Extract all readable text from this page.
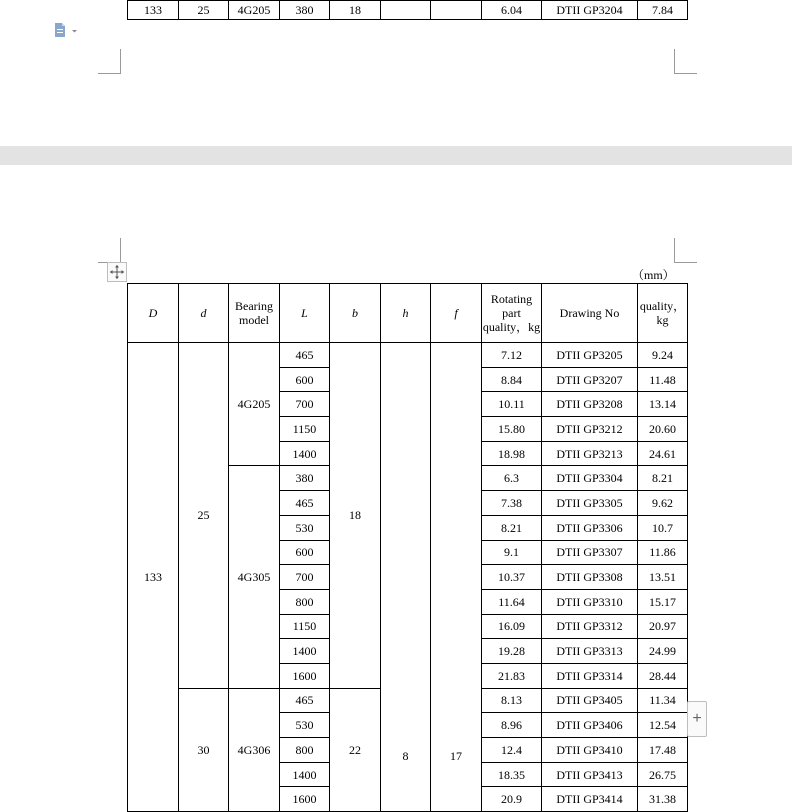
133	25	4G205	380	18			6.04	DTII GP3204	7.84
（mm）
D	d	Bearing model	L	b	h	f	Rotating part quality，kg	Drawing No	quality，kg
133	25	4G205	465	18	8	17	7.12	DTII GP3205	9.24
			600				8.84	DTII GP3207	11.48
			700				10.11	DTII GP3208	13.14
			1150				15.80	DTII GP3212	20.60
			1400				18.98	DTII GP3213	24.61
		4G305	380				6.3	DTII GP3304	8.21
			465				7.38	DTII GP3305	9.62
			530				8.21	DTII GP3306	10.7
			600				9.1	DTII GP3307	11.86
			700				10.37	DTII GP3308	13.51
			800				11.64	DTII GP3310	15.17
			1150				16.09	DTII GP3312	20.97
			1400				19.28	DTII GP3313	24.99
			1600				21.83	DTII GP3314	28.44
	30	4G306	465	22			8.13	DTII GP3405	11.34
			530				8.96	DTII GP3406	12.54
			800				12.4	DTII GP3410	17.48
			1400				18.35	DTII GP3413	26.75
			1600				20.9	DTII GP3414	31.38
+
